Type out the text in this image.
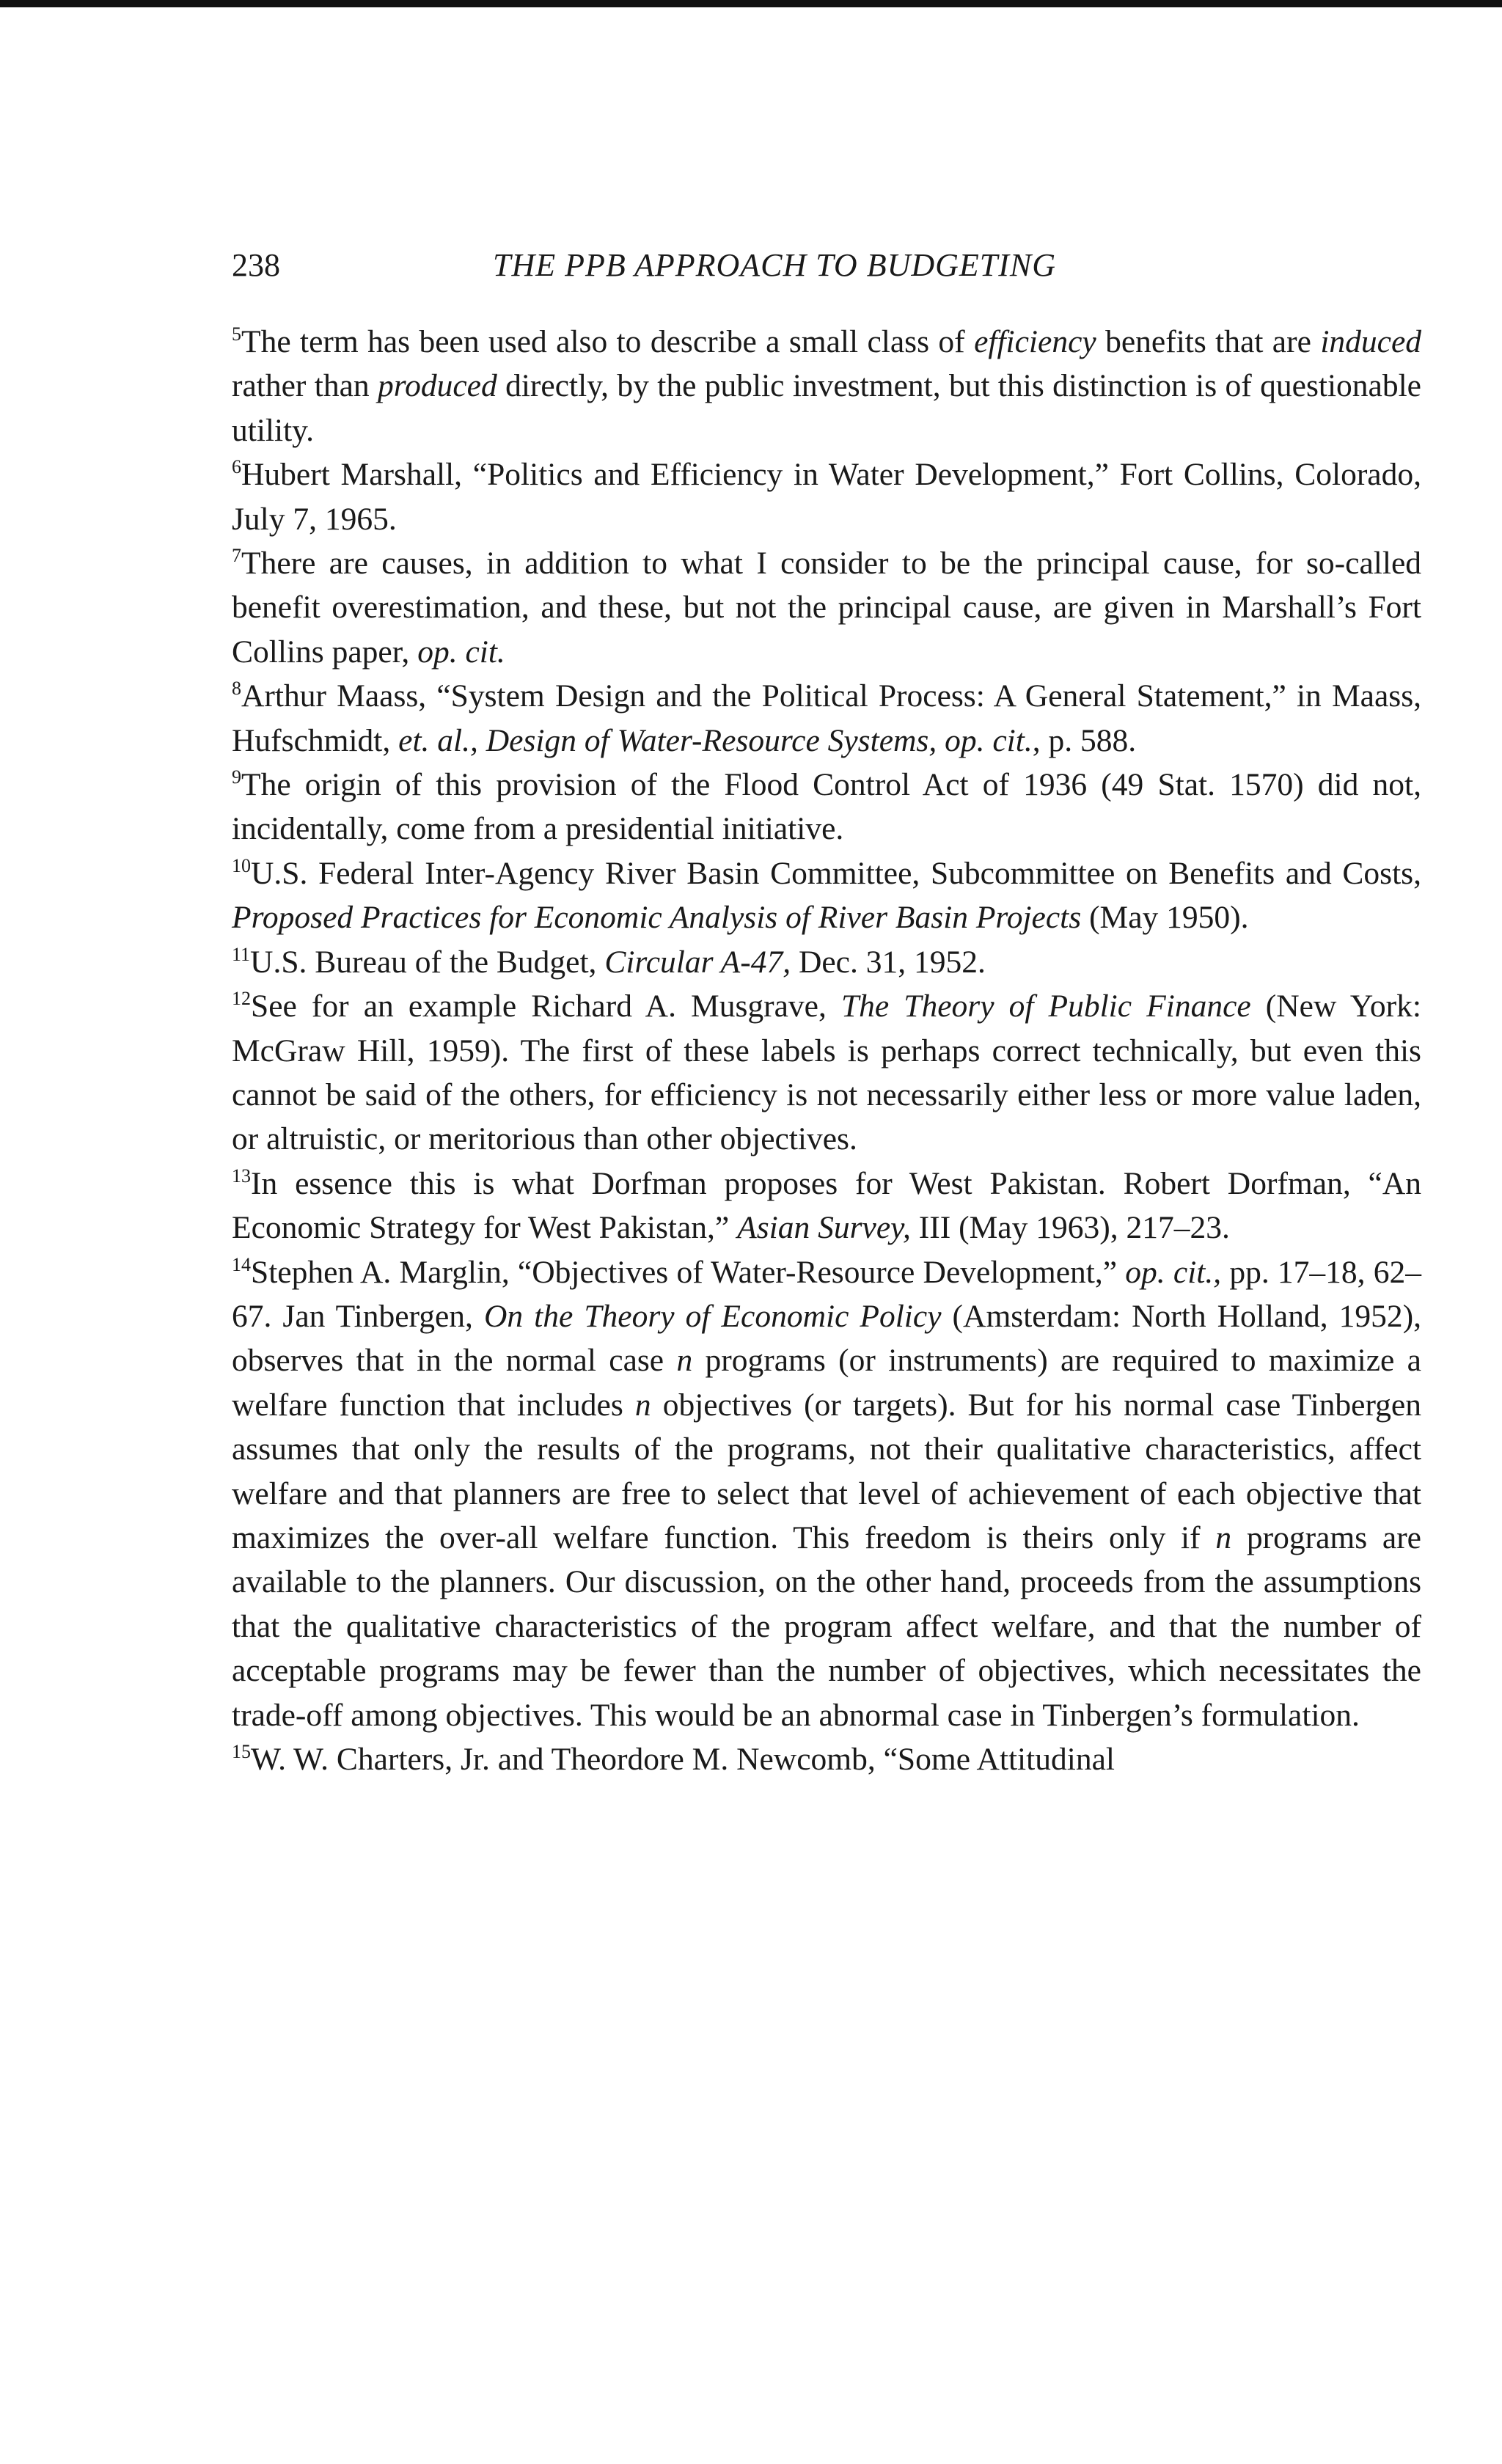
238	THE PPB APPROACH TO BUDGETING

$^5$The term has been used also to describe a small class of efficiency benefits that are induced rather than produced directly, by the public investment, but this distinction is of questionable utility.

$^6$Hubert Marshall, “Politics and Efficiency in Water Development,” Fort Collins, Colorado, July 7, 1965.

$^7$There are causes, in addition to what I consider to be the principal cause, for so-called benefit overestimation, and these, but not the principal cause, are given in Marshall’s Fort Collins paper, op. cit.

$^8$Arthur Maass, “System Design and the Political Process: A General Statement,” in Maass, Hufschmidt, et. al., Design of Water-Resource Systems, op. cit., p. 588.

$^9$The origin of this provision of the Flood Control Act of 1936 (49 Stat. 1570) did not, incidentally, come from a presidential initiative.

$^{10}$U.S. Federal Inter-Agency River Basin Committee, Subcommittee on Benefits and Costs, Proposed Practices for Economic Analysis of River Basin Projects (May 1950).

$^{11}$U.S. Bureau of the Budget, Circular A-47, Dec. 31, 1952.

$^{12}$See for an example Richard A. Musgrave, The Theory of Public Finance (New York: McGraw Hill, 1959). The first of these labels is perhaps correct technically, but even this cannot be said of the others, for efficiency is not necessarily either less or more value laden, or altruistic, or meritorious than other objectives.

$^{13}$In essence this is what Dorfman proposes for West Pakistan. Robert Dorfman, “An Economic Strategy for West Pakistan,” Asian Survey, III (May 1963), 217–23.

$^{14}$Stephen A. Marglin, “Objectives of Water-Resource Development,” op. cit., pp. 17–18, 62–67. Jan Tinbergen, On the Theory of Economic Policy (Amsterdam: North Holland, 1952), observes that in the normal case n programs (or instruments) are required to maximize a welfare function that includes n objectives (or targets). But for his normal case Tinbergen assumes that only the results of the programs, not their qualitative characteristics, affect welfare and that planners are free to select that level of achievement of each objective that maximizes the over-all welfare function. This freedom is theirs only if n programs are available to the planners. Our discussion, on the other hand, proceeds from the assumptions that the qualitative characteristics of the program affect welfare, and that the number of acceptable programs may be fewer than the number of objectives, which necessitates the trade-off among objectives. This would be an abnormal case in Tinbergen’s formulation.

$^{15}$W. W. Charters, Jr. and Theordore M. Newcomb, “Some Attitudinal
